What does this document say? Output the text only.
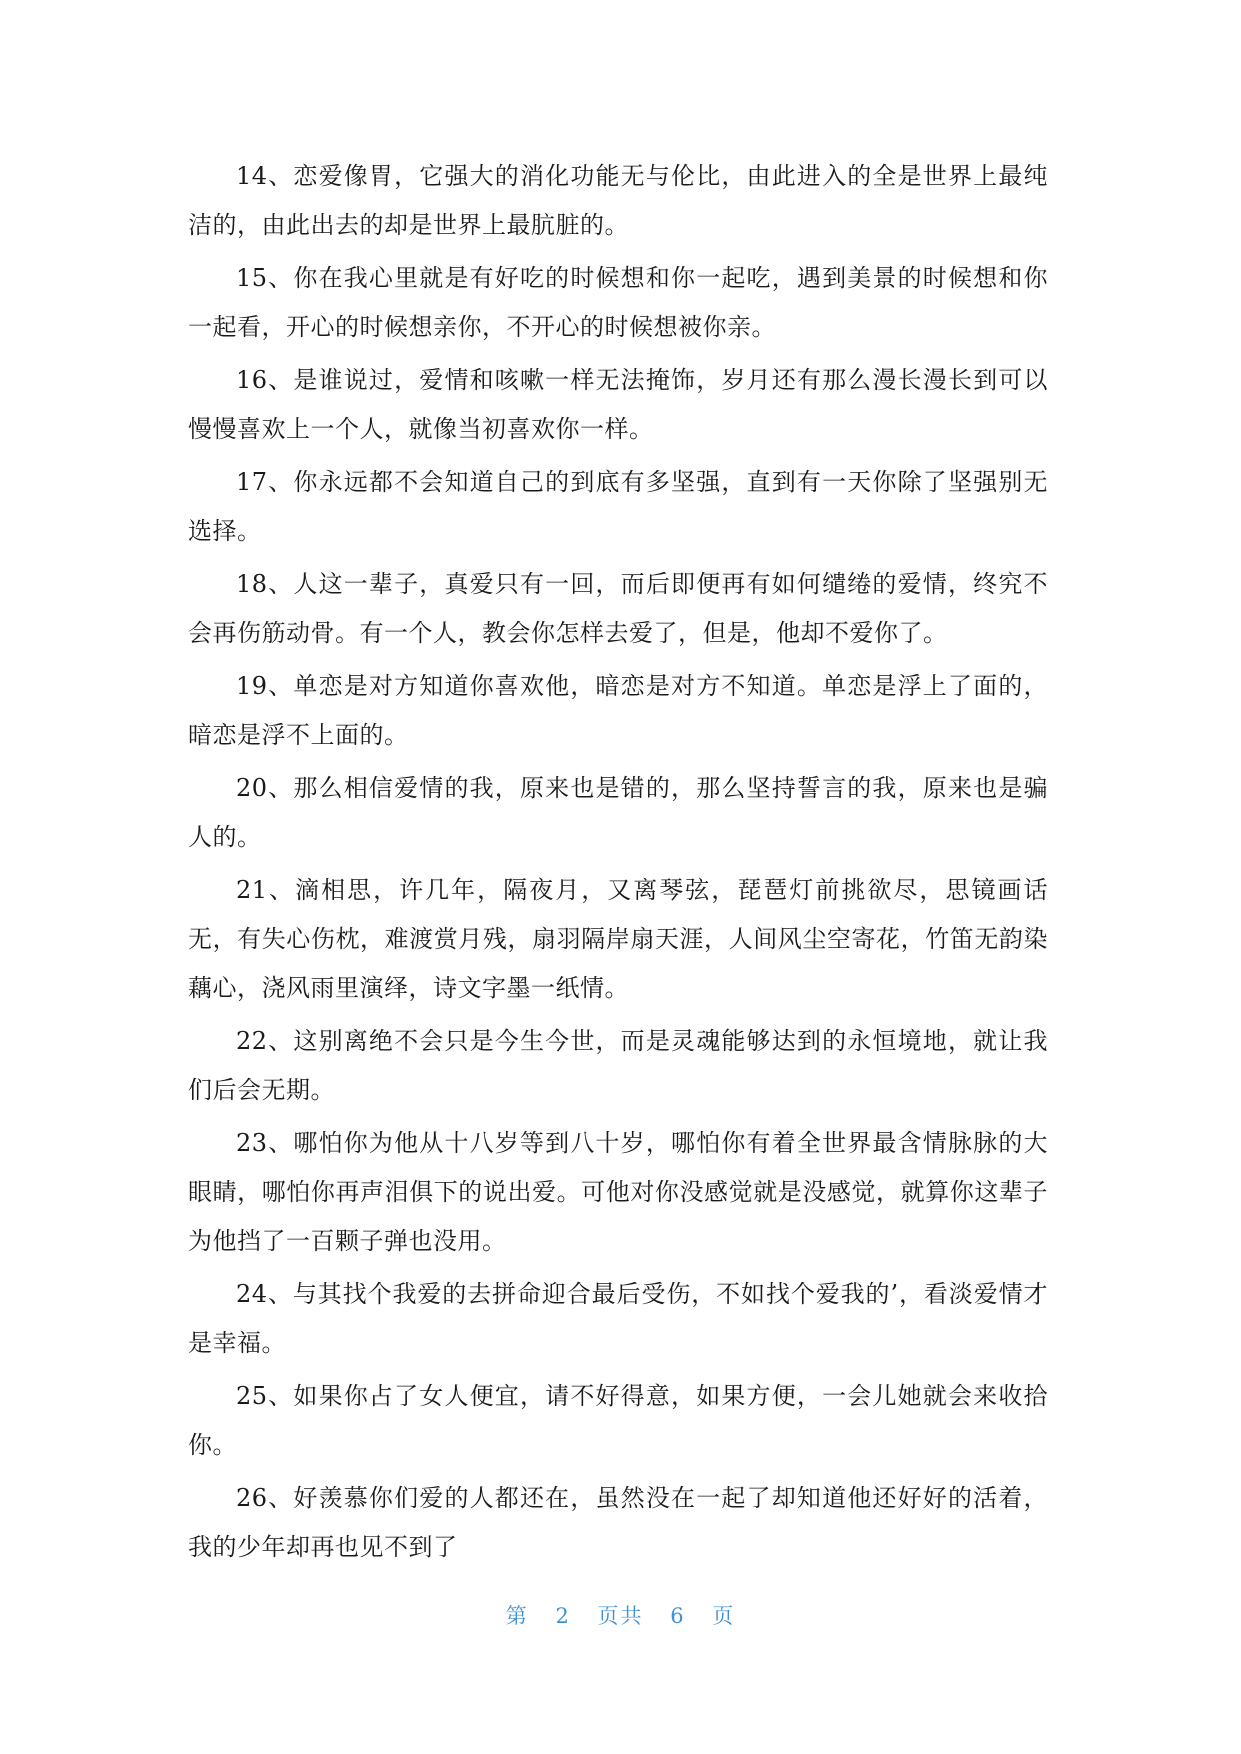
14、恋爱像胃，它强大的消化功能无与伦比，由此进入的全是世界上最纯洁的，由此出去的却是世界上最肮脏的。

15、你在我心里就是有好吃的时候想和你一起吃，遇到美景的时候想和你一起看，开心的时候想亲你，不开心的时候想被你亲。

16、是谁说过，爱情和咳嗽一样无法掩饰，岁月还有那么漫长漫长到可以慢慢喜欢上一个人，就像当初喜欢你一样。

17、你永远都不会知道自己的到底有多坚强，直到有一天你除了坚强别无选择。

18、人这一辈子，真爱只有一回，而后即便再有如何缱绻的爱情，终究不会再伤筋动骨。有一个人，教会你怎样去爱了，但是，他却不爱你了。

19、单恋是对方知道你喜欢他，暗恋是对方不知道。单恋是浮上了面的，暗恋是浮不上面的。

20、那么相信爱情的我，原来也是错的，那么坚持誓言的我，原来也是骗人的。

21、滴相思，许几年，隔夜月，又离琴弦，琵琶灯前挑欲尽，思镜画话无，有失心伤枕，难渡赏月残，扇羽隔岸扇天涯，人间风尘空寄花，竹笛无韵染藕心，浇风雨里演绎，诗文字墨一纸情。

22、这别离绝不会只是今生今世，而是灵魂能够达到的永恒境地，就让我们后会无期。

23、哪怕你为他从十八岁等到八十岁，哪怕你有着全世界最含情脉脉的大眼睛，哪怕你再声泪俱下的说出爱。可他对你没感觉就是没感觉，就算你这辈子为他挡了一百颗子弹也没用。

24、与其找个我爱的去拼命迎合最后受伤，不如找个爱我的’，看淡爱情才是幸福。

25、如果你占了女人便宜，请不好得意，如果方便，一会儿她就会来收拾你。

26、好羡慕你们爱的人都还在，虽然没在一起了却知道他还好好的活着，我的少年却再也见不到了

第 2 页共 6 页
